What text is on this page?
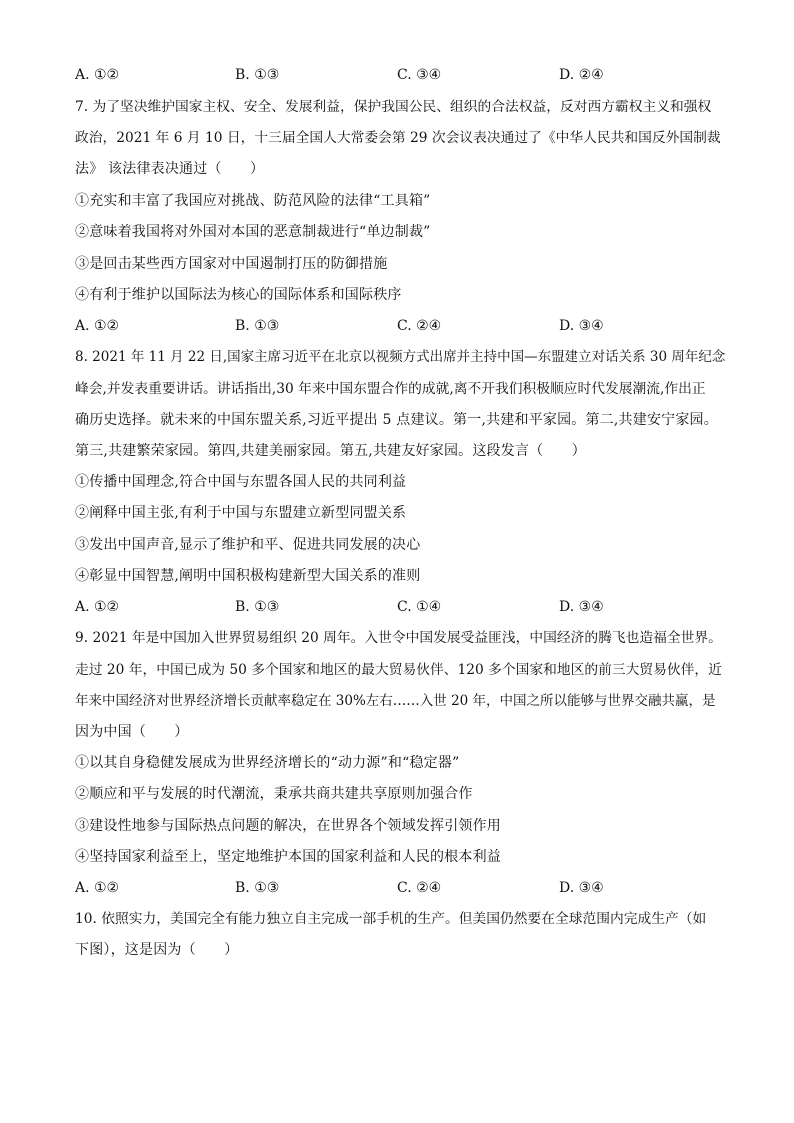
A. ①②	B. ①③	C. ③④	D. ②④
7. 为了坚决维护国家主权、安全、发展利益，保护我国公民、组织的合法权益，反对西方霸权主义和强权
政治，2021 年 6 月 10 日，十三届全国人大常委会第 29 次会议表决通过了《中华人民共和国反外国制裁
法》 该法律表决通过（　　）
①充实和丰富了我国应对挑战、防范风险的法律“工具箱”
②意味着我国将对外国对本国的恶意制裁进行“单边制裁”
③是回击某些西方国家对中国遏制打压的防御措施
④有利于维护以国际法为核心的国际体系和国际秩序
A. ①②	B. ①③	C. ②④	D. ③④
8. 2021 年 11 月 22 日,国家主席习近平在北京以视频方式出席并主持中国—东盟建立对话关系 30 周年纪念
峰会,并发表重要讲话。讲话指出,30 年来中国东盟合作的成就,离不开我们积极顺应时代发展潮流,作出正
确历史选择。就未来的中国东盟关系,习近平提出 5 点建议。第一,共建和平家园。第二,共建安宁家园。
第三,共建繁荣家园。第四,共建美丽家园。第五,共建友好家园。这段发言（　　）
①传播中国理念,符合中国与东盟各国人民的共同利益
②阐释中国主张,有利于中国与东盟建立新型同盟关系
③发出中国声音,显示了维护和平、促进共同发展的决心
④彰显中国智慧,阐明中国积极构建新型大国关系的准则
A. ①②	B. ①③	C. ①④	D. ③④
9. 2021 年是中国加入世界贸易组织 20 周年。入世令中国发展受益匪浅，中国经济的腾飞也造福全世界。
走过 20 年，中国已成为 50 多个国家和地区的最大贸易伙伴、120 多个国家和地区的前三大贸易伙伴，近
年来中国经济对世界经济增长贡献率稳定在 30%左右……入世 20 年，中国之所以能够与世界交融共赢，是
因为中国（　　）
①以其自身稳健发展成为世界经济增长的“动力源”和“稳定器”
②顺应和平与发展的时代潮流，秉承共商共建共享原则加强合作
③建设性地参与国际热点问题的解决，在世界各个领域发挥引领作用
④坚持国家利益至上，坚定地维护本国的国家利益和人民的根本利益
A. ①②	B. ①③	C. ②④	D. ③④
10. 依照实力，美国完全有能力独立自主完成一部手机的生产。但美国仍然要在全球范围内完成生产（如
下图），这是因为（　　）
